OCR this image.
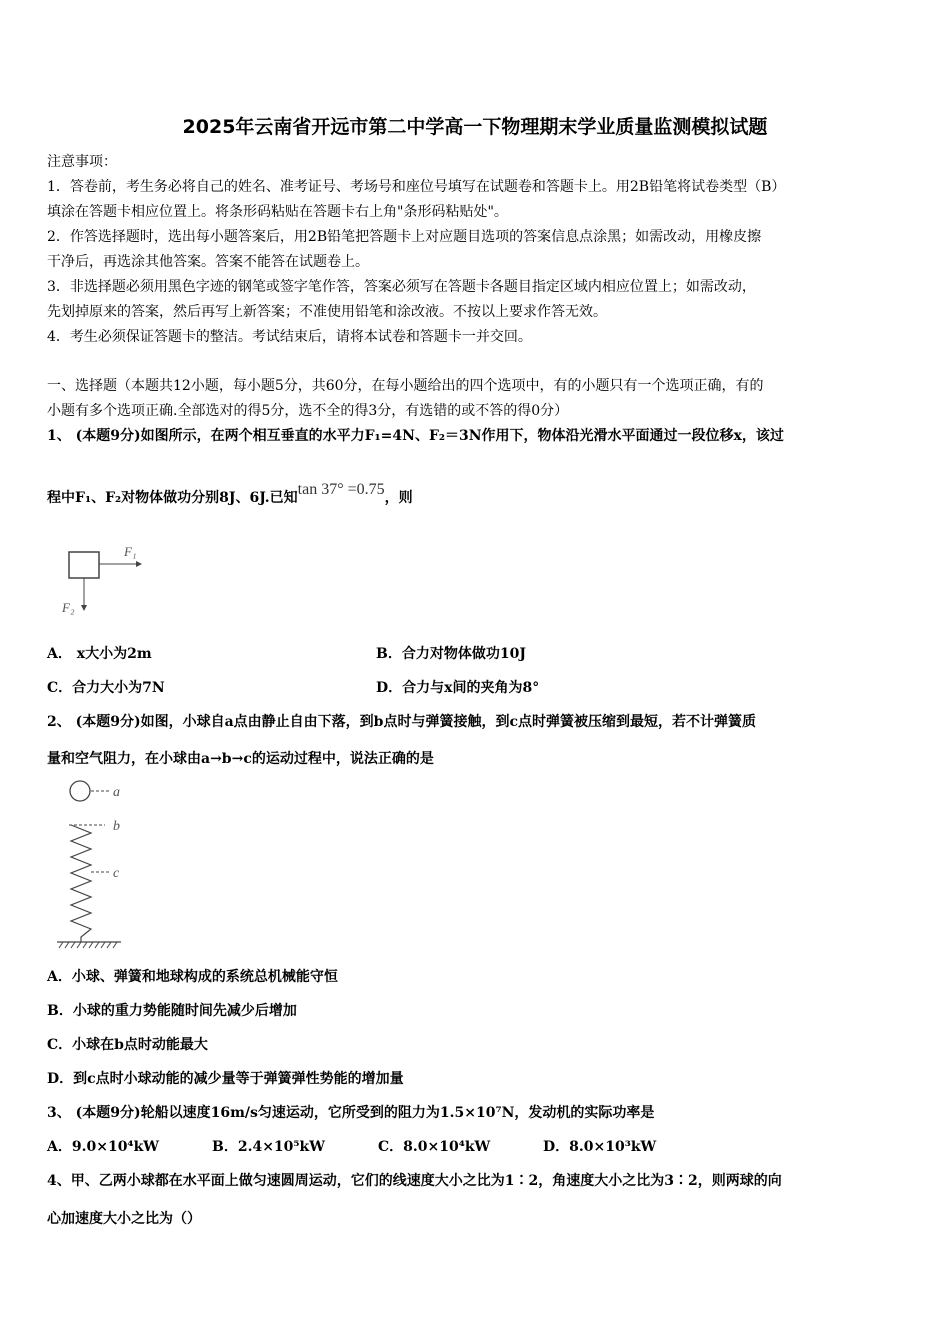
2025年云南省开远市第二中学高一下物理期末学业质量监测模拟试题
注意事项：
1．答卷前，考生务必将自己的姓名、准考证号、考场号和座位号填写在试题卷和答题卡上。用2B铅笔将试卷类型（B）
填涂在答题卡相应位置上。将条形码粘贴在答题卡右上角"条形码粘贴处"。
2．作答选择题时，选出每小题答案后，用2B铅笔把答题卡上对应题目选项的答案信息点涂黑；如需改动，用橡皮擦
干净后，再选涂其他答案。答案不能答在试题卷上。
3．非选择题必须用黑色字迹的钢笔或签字笔作答，答案必须写在答题卡各题目指定区域内相应位置上；如需改动，
先划掉原来的答案，然后再写上新答案；不准使用铅笔和涂改液。不按以上要求作答无效。
4．考生必须保证答题卡的整洁。考试结束后，请将本试卷和答题卡一并交回。
一、选择题（本题共12小题，每小题5分，共60分，在每小题给出的四个选项中，有的小题只有一个选项正确，有的
小题有多个选项正确.全部选对的得5分，选不全的得3分，有选错的或不答的得0分）
1、 (本题9分)如图所示，在两个相互垂直的水平力F₁=4N、F₂＝3N作用下，物体沿光滑水平面通过一段位移x，该过
程中F₁、F₂对物体做功分别8J、6J.已知tan 37° =0.75，则
F₁
F₂
A． x大小为2m	B．合力对物体做功10J
C．合力大小为7N	D．合力与x间的夹角为8°
2、 (本题9分)如图，小球自a点由静止自由下落，到b点时与弹簧接触，到c点时弹簧被压缩到最短，若不计弹簧质
量和空气阻力，在小球由a→b→c的运动过程中，说法正确的是
a
b
c
A．小球、弹簧和地球构成的系统总机械能守恒
B．小球的重力势能随时间先减少后增加
C．小球在b点时动能最大
D．到c点时小球动能的减少量等于弹簧弹性势能的增加量
3、 (本题9分)轮船以速度16m/s匀速运动，它所受到的阻力为1.5×10⁷N，发动机的实际功率是
A．9.0×10⁴kW	B．2.4×10⁵kW	C．8.0×10⁴kW	D．8.0×10³kW
4、甲、乙两小球都在水平面上做匀速圆周运动，它们的线速度大小之比为1∶2，角速度大小之比为3∶2，则两球的向
心加速度大小之比为（）
